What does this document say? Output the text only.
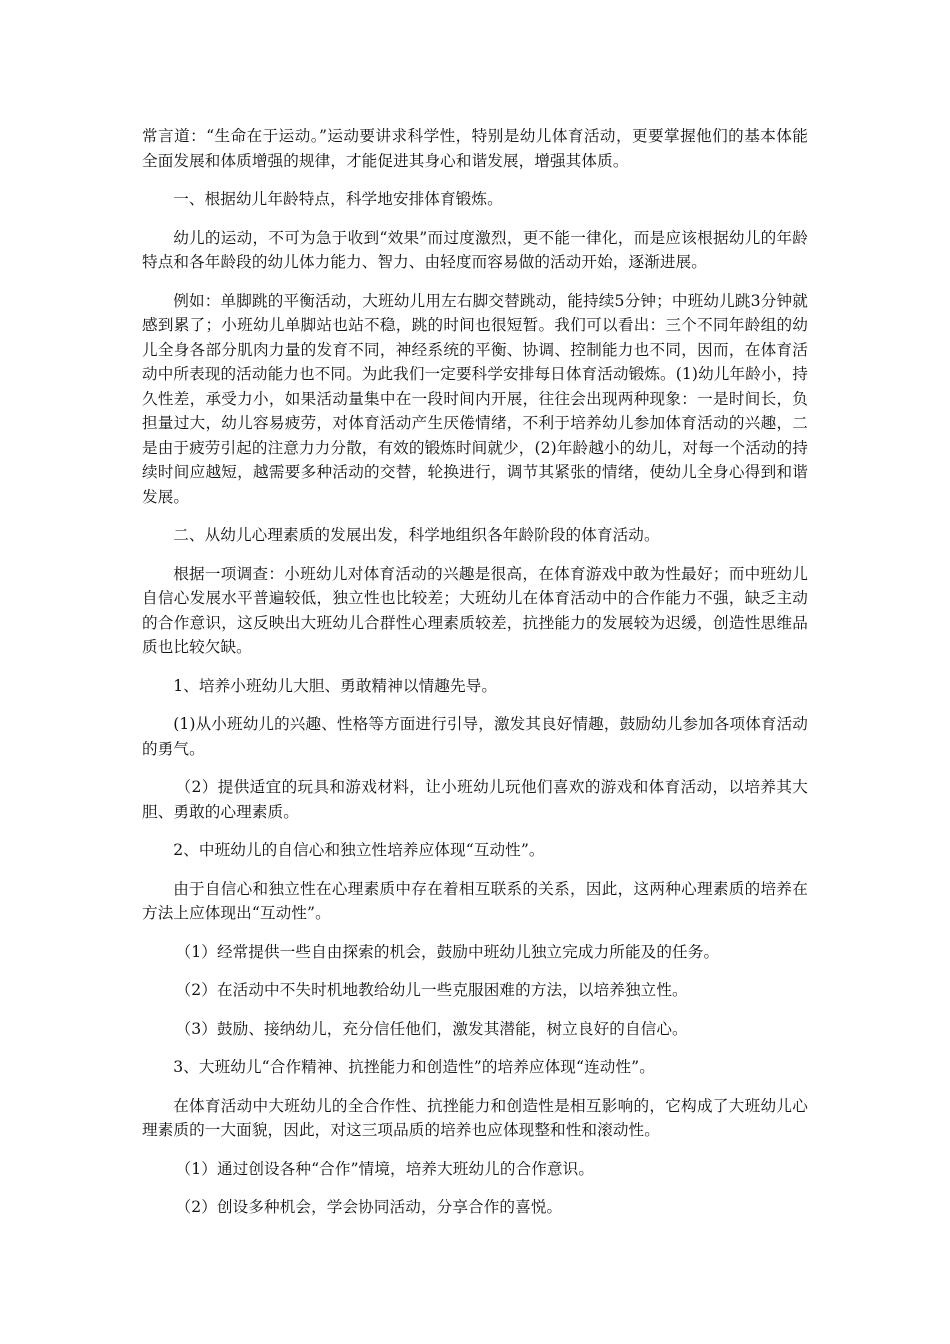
常言道：“生命在于运动。”运动要讲求科学性，特别是幼儿体育活动，更要掌握他们的基本体能全面发展和体质增强的规律，才能促进其身心和谐发展，增强其体质。

一、根据幼儿年龄特点，科学地安排体育锻炼。

幼儿的运动，不可为急于收到“效果”而过度激烈，更不能一律化，而是应该根据幼儿的年龄特点和各年龄段的幼儿体力能力、智力、由轻度而容易做的活动开始，逐渐进展。

例如：单脚跳的平衡活动，大班幼儿用左右脚交替跳动，能持续5分钟；中班幼儿跳3分钟就感到累了；小班幼儿单脚站也站不稳，跳的时间也很短暂。我们可以看出：三个不同年龄组的幼儿全身各部分肌肉力量的发育不同，神经系统的平衡、协调、控制能力也不同，因而，在体育活动中所表现的活动能力也不同。为此我们一定要科学安排每日体育活动锻炼。(1)幼儿年龄小，持久性差，承受力小，如果活动量集中在一段时间内开展，往往会出现两种现象：一是时间长，负担量过大，幼儿容易疲劳，对体育活动产生厌倦情绪，不利于培养幼儿参加体育活动的兴趣，二是由于疲劳引起的注意力力分散，有效的锻炼时间就少，(2)年龄越小的幼儿，对每一个活动的持续时间应越短，越需要多种活动的交替，轮换进行，调节其紧张的情绪，使幼儿全身心得到和谐发展。

二、从幼儿心理素质的发展出发，科学地组织各年龄阶段的体育活动。

根据一项调查：小班幼儿对体育活动的兴趣是很高，在体育游戏中敢为性最好；而中班幼儿自信心发展水平普遍较低，独立性也比较差；大班幼儿在体育活动中的合作能力不强，缺乏主动的合作意识，这反映出大班幼儿合群性心理素质较差，抗挫能力的发展较为迟缓，创造性思维品质也比较欠缺。

1、培养小班幼儿大胆、勇敢精神以情趣先导。

(1)从小班幼儿的兴趣、性格等方面进行引导，激发其良好情趣，鼓励幼儿参加各项体育活动的勇气。

（2）提供适宜的玩具和游戏材料，让小班幼儿玩他们喜欢的游戏和体育活动，以培养其大胆、勇敢的心理素质。

2、中班幼儿的自信心和独立性培养应体现“互动性”。

由于自信心和独立性在心理素质中存在着相互联系的关系，因此，这两种心理素质的培养在方法上应体现出“互动性”。

（1）经常提供一些自由探索的机会，鼓励中班幼儿独立完成力所能及的任务。

（2）在活动中不失时机地教给幼儿一些克服困难的方法，以培养独立性。

（3）鼓励、接纳幼儿，充分信任他们，激发其潜能，树立良好的自信心。

3、大班幼儿“合作精神、抗挫能力和创造性”的培养应体现“连动性”。

在体育活动中大班幼儿的全合作性、抗挫能力和创造性是相互影响的，它构成了大班幼儿心理素质的一大面貌，因此，对这三项品质的培养也应体现整和性和滚动性。

（1）通过创设各种“合作”情境，培养大班幼儿的合作意识。

（2）创设多种机会，学会协同活动，分享合作的喜悦。
